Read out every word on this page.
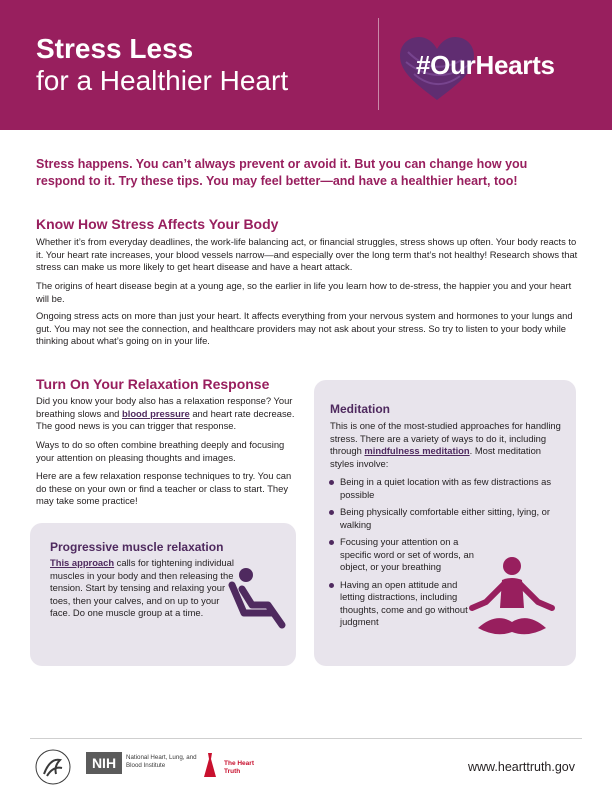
Stress Less
for a Healthier Heart	#OurHearts
Stress happens. You can’t always prevent or avoid it. But you can change how you respond to it. Try these tips. You may feel better—and have a healthier heart, too!
Know How Stress Affects Your Body
Whether it’s from everyday deadlines, the work-life balancing act, or financial struggles, stress shows up often. Your body reacts to it. Your heart rate increases, your blood vessels narrow—and especially over the long term that’s not healthy! Research shows that stress can make us more likely to get heart disease and have a heart attack.
The origins of heart disease begin at a young age, so the earlier in life you learn how to de-stress, the happier you and your heart will be.
Ongoing stress acts on more than just your heart. It affects everything from your nervous system and hormones to your lungs and gut. You may not see the connection, and healthcare providers may not ask about your stress. So try to listen to your body while thinking about what’s going on in your life.
Turn On Your Relaxation Response
Did you know your body also has a relaxation response? Your breathing slows and blood pressure and heart rate decrease. The good news is you can trigger that response.
Ways to do so often combine breathing deeply and focusing your attention on pleasing thoughts and images.
Here are a few relaxation response techniques to try. You can do these on your own or find a teacher or class to start. They may take some practice!
Progressive muscle relaxation
This approach calls for tightening individual muscles in your body and then releasing the tension. Start by tensing and relaxing your toes, then your calves, and on up to your face. Do one muscle group at a time.
Meditation
This is one of the most-studied approaches for handling stress. There are a variety of ways to do it, including through mindfulness meditation. Most meditation styles involve:
Being in a quiet location with as few distractions as possible
Being physically comfortable either sitting, lying, or walking
Focusing your attention on a specific word or set of words, an object, or your breathing
Having an open attitude and letting distractions, including thoughts, come and go without judgment
NIH	National Heart, Lung, and Blood Institute	The Heart Truth	www.hearttruth.gov
